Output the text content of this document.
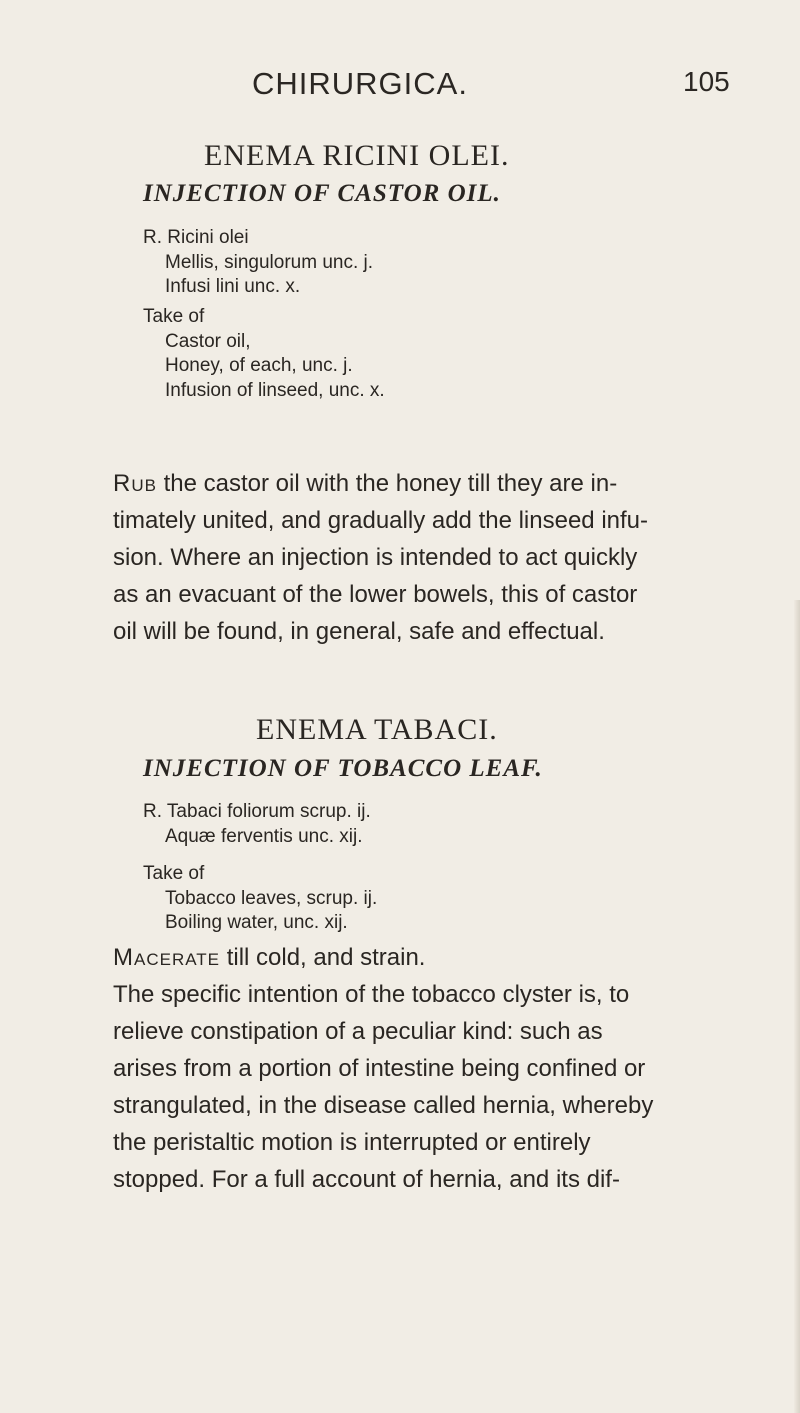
CHIRURGICA.	105
ENEMA RICINI OLEI.
INJECTION OF CASTOR OIL.
R. Ricini olei
Mellis, singulorum unc. j.
Infusi lini unc. x.
Take of
Castor oil,
Honey, of each, unc. j.
Infusion of linseed, unc. x.
Rub the castor oil with the honey till they are in-
timately united, and gradually add the linseed infu-
sion. Where an injection is intended to act quickly
as an evacuant of the lower bowels, this of castor
oil will be found, in general, safe and effectual.
ENEMA TABACI.
INJECTION OF TOBACCO LEAF.
R. Tabaci foliorum scrup. ij.
Aquæ ferventis unc. xij.
Take of
Tobacco leaves, scrup. ij.
Boiling water, unc. xij.
Macerate till cold, and strain.
The specific intention of the tobacco clyster is, to
relieve constipation of a peculiar kind: such as
arises from a portion of intestine being confined or
strangulated, in the disease called hernia, whereby
the peristaltic motion is interrupted or entirely
stopped. For a full account of hernia, and its dif-
